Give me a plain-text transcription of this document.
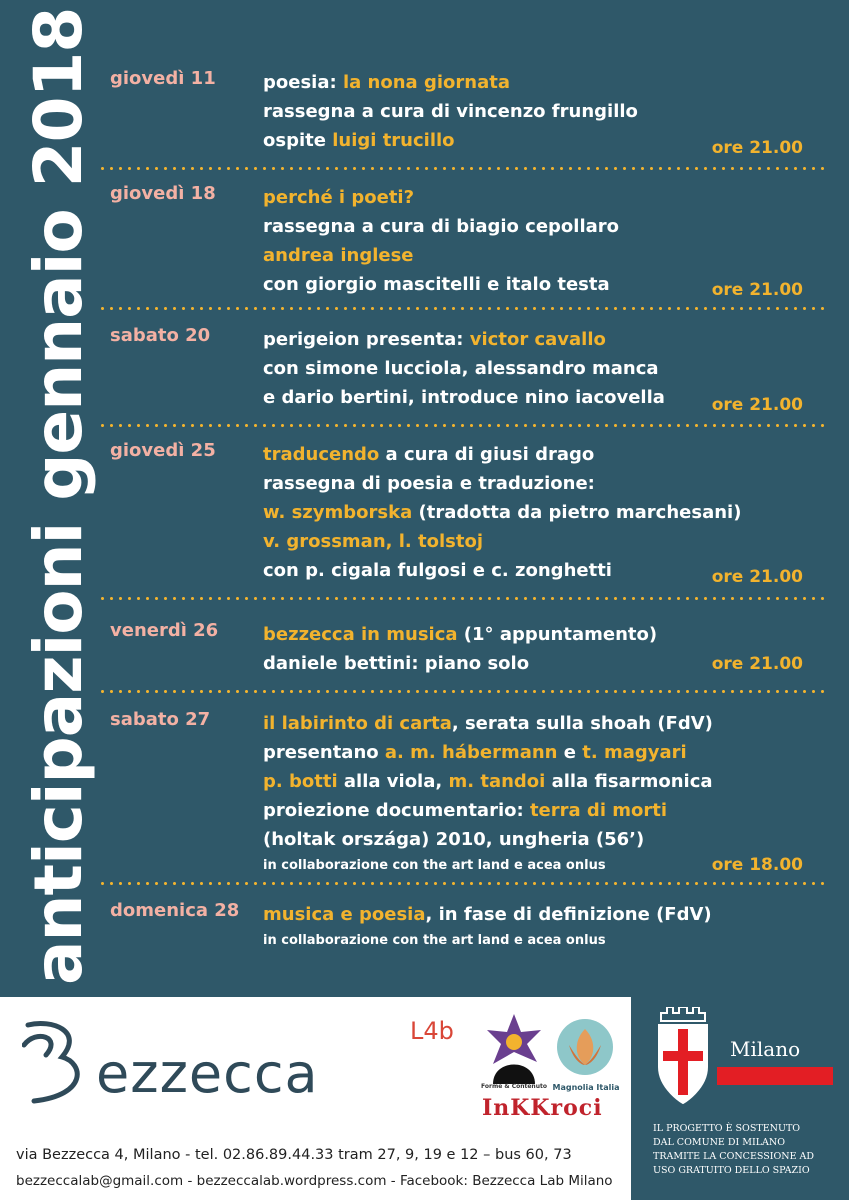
anticipazioni gennaio 2018 giovedì 11	poesia: la nona giornata
rassegna a cura di vincenzo frungillo
ospite luigi trucillo	ore 21.00
giovedì 18	perché i poeti?
rassegna a cura di biagio cepollaro
andrea inglese
con giorgio mascitelli e italo testa	ore 21.00
sabato 20	perigeion presenta: victor cavallo
con simone lucciola, alessandro manca
e dario bertini, introduce nino iacovella	ore 21.00
giovedì 25	traducendo a cura di giusi drago
rassegna di poesia e traduzione:
w. szymborska (tradotta da pietro marchesani)
v. grossman, l. tolstoj
con p. cigala fulgosi e c. zonghetti	ore 21.00
venerdì 26 bezzecca in musica (1° appuntamento)
daniele bettini: piano solo	ore 21.00
sabato 27	il labirinto di carta, serata sulla shoah (FdV)
presentano a. m. hábermann e t. magyari
p. botti alla viola, m. tandoi alla fisarmonica
proiezione documentario: terra di morti
(holtak országa) 2010, ungheria (56’)
in collaborazione con the art land e acea onlus	ore 18.00
domenica 28 musica e poesia, in fase di definizione (FdV)
in collaborazione con the art land e acea onlus
ezzecca
L4b
Forme & Contenuto Magnolia Italia
InKKroci
via Bezzecca 4, Milano - tel. 02.86.89.44.33 tram 27, 9, 19 e 12 – bus 60, 73
bezzeccalab@gmail.com - bezzeccalab.wordpress.com - Facebook: Bezzecca Lab Milano
Milano
IL PROGETTO È SOSTENUTO
DAL COMUNE DI MILANO
TRAMITE LA CONCESSIONE AD
USO GRATUITO DELLO SPAZIO
